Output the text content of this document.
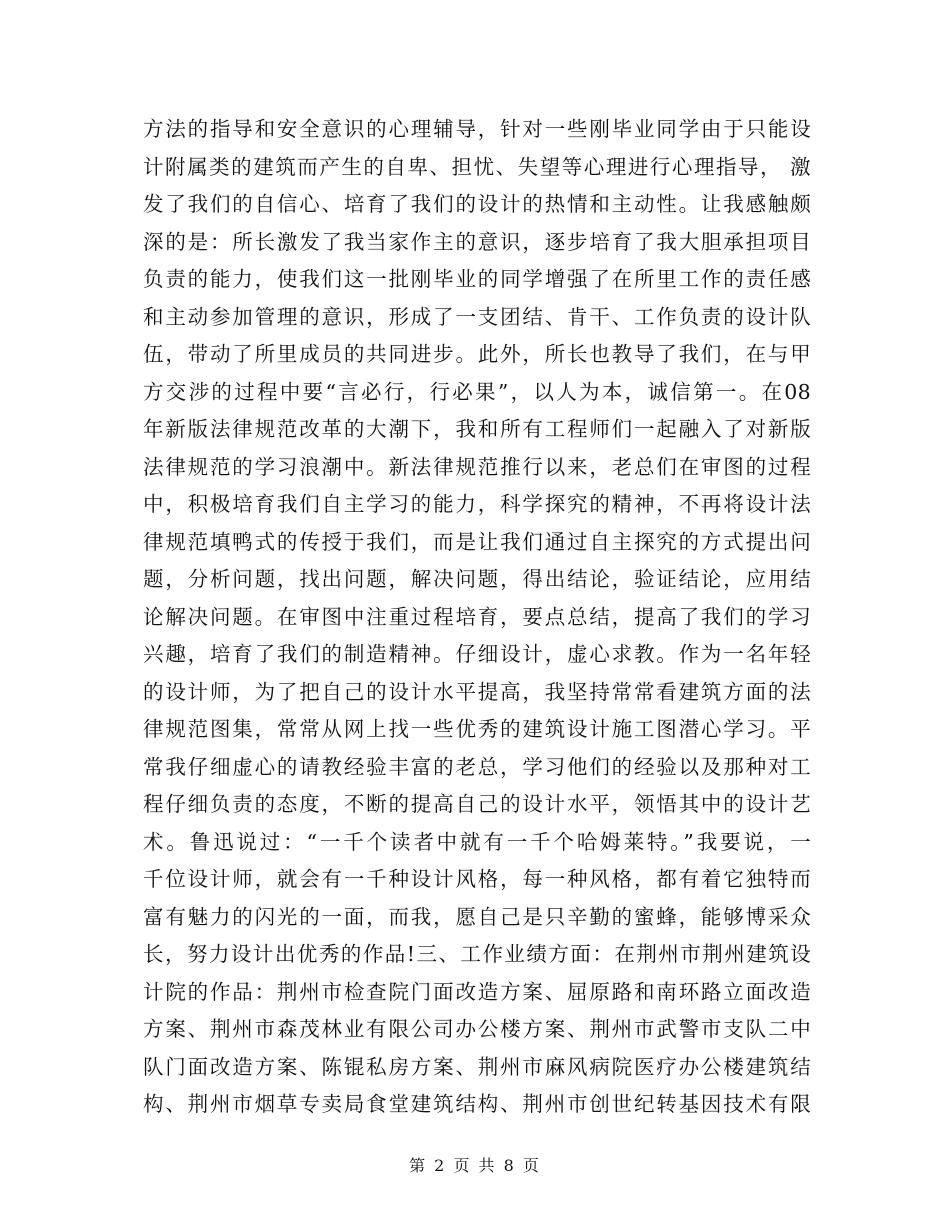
方法的指导和安全意识的心理辅导，针对一些刚毕业同学由于只能设
计附属类的建筑而产生的自卑、担忧、失望等心理进行心理指导， 激
发了我们的自信心、培育了我们的设计的热情和主动性。让我感触颇
深的是：所长激发了我当家作主的意识，逐步培育了我大胆承担项目
负责的能力，使我们这一批刚毕业的同学增强了在所里工作的责任感
和主动参加管理的意识，形成了一支团结、肯干、工作负责的设计队
伍，带动了所里成员的共同进步。此外，所长也教导了我们，在与甲
方交涉的过程中要“言必行，行必果”，以人为本，诚信第一。在08
年新版法律规范改革的大潮下，我和所有工程师们一起融入了对新版
法律规范的学习浪潮中。新法律规范推行以来，老总们在审图的过程
中，积极培育我们自主学习的能力，科学探究的精神，不再将设计法
律规范填鸭式的传授于我们，而是让我们通过自主探究的方式提出问
题，分析问题，找出问题，解决问题，得出结论，验证结论，应用结
论解决问题。在审图中注重过程培育，要点总结，提高了我们的学习
兴趣，培育了我们的制造精神。仔细设计，虚心求教。作为一名年轻
的设计师，为了把自己的设计水平提高，我坚持常常看建筑方面的法
律规范图集，常常从网上找一些优秀的建筑设计施工图潜心学习。平
常我仔细虚心的请教经验丰富的老总，学习他们的经验以及那种对工
程仔细负责的态度，不断的提高自己的设计水平，领悟其中的设计艺
术。鲁迅说过：“一千个读者中就有一千个哈姆莱特。”我要说，一
千位设计师，就会有一千种设计风格，每一种风格，都有着它独特而
富有魅力的闪光的一面，而我，愿自己是只辛勤的蜜蜂，能够博采众
长，努力设计出优秀的作品!三、工作业绩方面：在荆州市荆州建筑设
计院的作品：荆州市检查院门面改造方案、屈原路和南环路立面改造
方案、荆州市森茂林业有限公司办公楼方案、荆州市武警市支队二中
队门面改造方案、陈锟私房方案、荆州市麻风病院医疗办公楼建筑结
构、荆州市烟草专卖局食堂建筑结构、荆州市创世纪转基因技术有限
第 2 页 共 8 页
